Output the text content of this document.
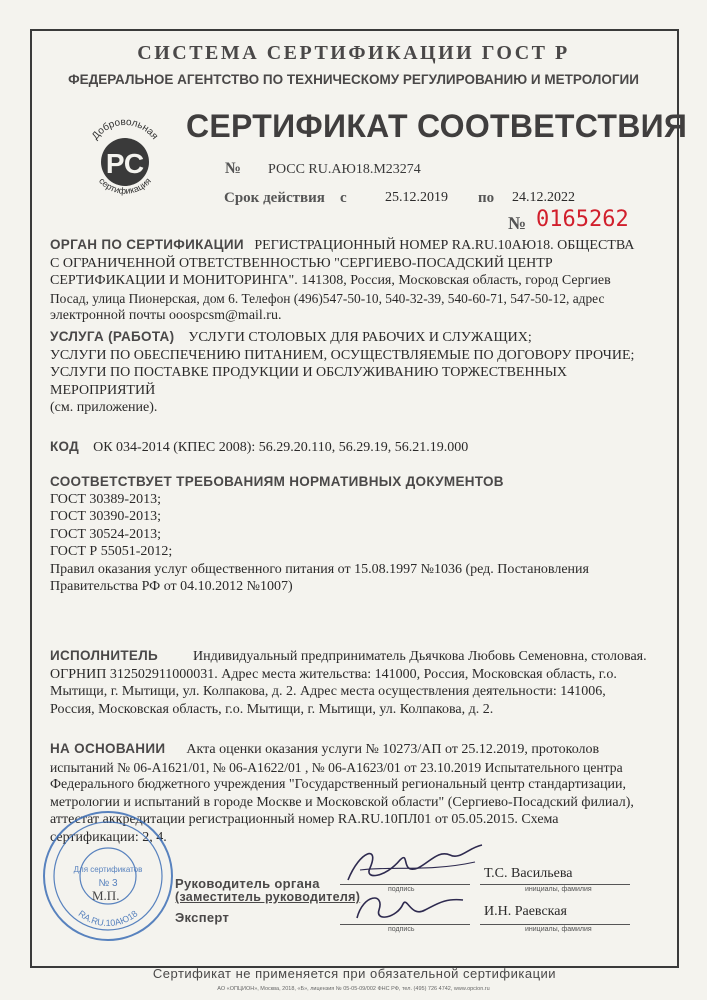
СИСТЕМА СЕРТИФИКАЦИИ ГОСТ Р
ФЕДЕРАЛЬНОЕ АГЕНТСТВО ПО ТЕХНИЧЕСКОМУ РЕГУЛИРОВАНИЮ И МЕТРОЛОГИИ
Добровольная
РС
сертификация
СЕРТИФИКАТ СООТВЕТСТВИЯ
№ РОСС RU.АЮ18.М23274
Срок действия с	25.12.2019 по 24.12.2022
№ 0165262
ОРГАН ПО СЕРТИФИКАЦИИ РЕГИСТРАЦИОННЫЙ НОМЕР RA.RU.10АЮ18. ОБЩЕСТВА
С ОГРАНИЧЕННОЙ ОТВЕТСТВЕННОСТЬЮ "СЕРГИЕВО-ПОСАДСКИЙ ЦЕНТР
СЕРТИФИКАЦИИ И МОНИТОРИНГА". 141308, Россия, Московская область, город Сергиев
Посад, улица Пионерская, дом 6. Телефон (496)547-50-10, 540-32-39, 540-60-71, 547-50-12, адрес
электронной почты ooospcsm@mail.ru.
УСЛУГА (РАБОТА) УСЛУГИ СТОЛОВЫХ ДЛЯ РАБОЧИХ И СЛУЖАЩИХ;
УСЛУГИ ПО ОБЕСПЕЧЕНИЮ ПИТАНИЕМ, ОСУЩЕСТВЛЯЕМЫЕ ПО ДОГОВОРУ ПРОЧИЕ;
УСЛУГИ ПО ПОСТАВКЕ ПРОДУКЦИИ И ОБСЛУЖИВАНИЮ ТОРЖЕСТВЕННЫХ
МЕРОПРИЯТИЙ
(см. приложение).
КОД ОК 034-2014 (КПЕС 2008): 56.29.20.110, 56.29.19, 56.21.19.000
СООТВЕТСТВУЕТ ТРЕБОВАНИЯМ НОРМАТИВНЫХ ДОКУМЕНТОВ
ГОСТ 30389-2013;
ГОСТ 30390-2013;
ГОСТ 30524-2013;
ГОСТ Р 55051-2012;
Правил оказания услуг общественного питания от 15.08.1997 №1036 (ред. Постановления
Правительства РФ от 04.10.2012 №1007)
ИСПОЛНИТЕЛЬ	Индивидуальный предприниматель Дьячкова Любовь Семеновна, столовая.
ОГРНИП 312502911000031. Адрес места жительства: 141000, Россия, Московская область, г.о.
Мытищи, г. Мытищи, ул. Колпакова, д. 2. Адрес места осуществления деятельности: 141006,
Россия, Московская область, г.о. Мытищи, г. Мытищи, ул. Колпакова, д. 2.
НА ОСНОВАНИИ Акта оценки оказания услуги № 10273/АП от 25.12.2019, протоколов
испытаний № 06-А1621/01, № 06-А1622/01 , № 06-А1623/01 от 23.10.2019 Испытательного центра
Федерального бюджетного учреждения "Государственный региональный центр стандартизации,
метрологии и испытаний в городе Москве и Московской области" (Сергиево-Посадский филиал),
аттестат аккредитации регистрационный номер RA.RU.10ПЛ01 от 05.05.2015. Схема
сертификации: 2, 4.
Руководитель органа
(заместитель руководителя)
Эксперт
подпись	инициалы, фамилия
Т.С. Васильева
подпись	инициалы, фамилия
И.Н. Раевская
Для сертификатов
№ 3
RA.RU.10АЮ18
М.П.
Сертификат не применяется при обязательной сертификации
АО «ОПЦИОН», Москва, 2018, «Б», лицензия № 05-05-09/002 ФНС РФ, тел. (495) 726 4742, www.opcion.ru
